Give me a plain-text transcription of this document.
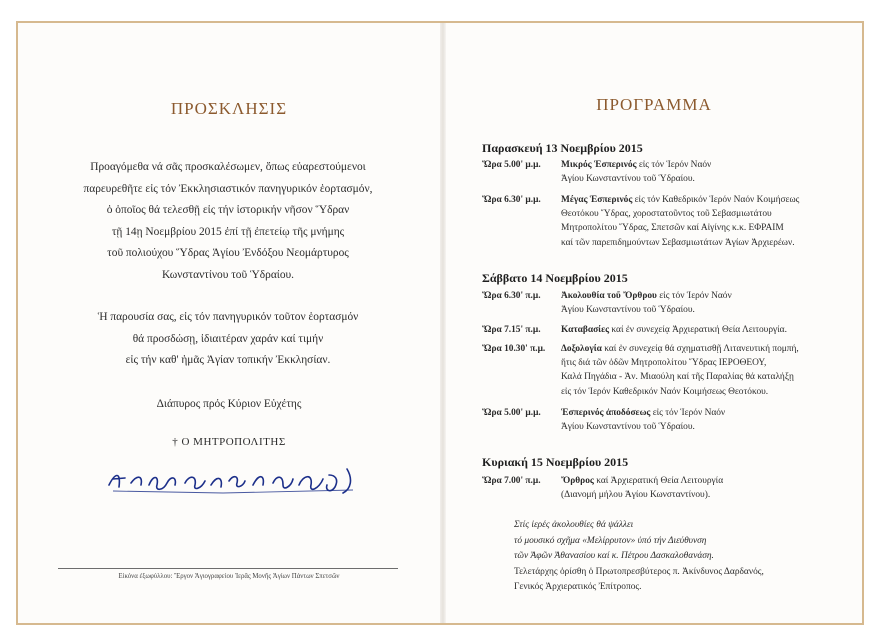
ΠΡΟΣΚΛΗΣΙΣ
Προαγόμεθα νά σᾶς προσκαλέσωμεν, ὅπως εὐαρεστούμενοι
παρευρεθῆτε εἰς τόν Ἐκκλησιαστικόν πανηγυρικόν ἑορτασμόν,
ὁ ὁποῖος θά τελεσθῇ εἰς τήν ἱστορικήν νῆσον Ὕδραν
τῇ 14ῃ Νοεμβρίου 2015 ἐπί τῇ ἐπετείῳ τῆς μνήμης
τοῦ πολιούχου Ὕδρας Ἁγίου Ἐνδόξου Νεομάρτυρος
Κωνσταντίνου τοῦ Ὑδραίου.
Ἡ παρουσία σας, εἰς τόν πανηγυρικόν τοῦτον ἑορτασμόν
θά προσδώσῃ, ἰδιαιτέραν χαράν καί τιμήν
εἰς τήν καθ' ἡμᾶς Ἁγίαν τοπικήν Ἐκκλησίαν.
Διάπυρος πρός Κύριον Εὐχέτης
† Ο ΜΗΤΡΟΠΟΛΙΤΗΣ
Εἰκόνα ἐξωφύλλου: Ἔργον Ἁγιογραφείου Ἱερᾶς Μονῆς Ἁγίων Πάντων Σπετσῶν
ΠΡΟΓΡΑΜΜΑ
Παρασκευή 13 Νοεμβρίου 2015
Ὥρα 5.00' μ.μ. Μικρός Ἑσπερινός εἰς τόν Ἱερόν Ναόν
Ἁγίου Κωνσταντίνου τοῦ Ὑδραίου.
Ὥρα 6.30' μ.μ. Μέγας Ἑσπερινός εἰς τόν Καθεδρικόν Ἱερόν Ναόν Κοιμήσεως
Θεοτόκου Ὕδρας, χοροστατοῦντος τοῦ Σεβασμιωτάτου
Μητροπολίτου Ὕδρας, Σπετσῶν καί Αἰγίνης κ.κ. ΕΦΡΑΙΜ
καί τῶν παρεπιδημούντων Σεβασμιωτάτων Ἁγίων Ἀρχιερέων.
Σάββατο 14 Νοεμβρίου 2015
Ὥρα 6.30' π.μ. Ἀκολουθία τοῦ Ὄρθρου εἰς τόν Ἱερόν Ναόν
Ἁγίου Κωνσταντίνου τοῦ Ὑδραίου.
Ὥρα 7.15' π.μ. Καταβασίες καί ἐν συνεχείᾳ Ἀρχιερατική Θεία Λειτουργία.
Ὥρα 10.30' π.μ. Δοξολογία καί ἐν συνεχείᾳ θά σχηματισθῇ Λιτανευτική πομπή,
ἥτις διά τῶν ὁδῶν Μητροπολίτου Ὕδρας ΙΕΡΟΘΕΟΥ,
Καλά Πηγάδια - Ἀν. Μιαούλη καί τῆς Παραλίας θά καταλήξῃ
εἰς τόν Ἱερόν Καθεδρικόν Ναόν Κοιμήσεως Θεοτόκου.
Ὥρα 5.00' μ.μ. Ἑσπερινός ἀποδόσεως εἰς τόν Ἱερόν Ναόν
Ἁγίου Κωνσταντίνου τοῦ Ὑδραίου.
Κυριακή 15 Νοεμβρίου 2015
Ὥρα 7.00' π.μ. Ὄρθρος καί Ἀρχιερατική Θεία Λειτουργία
(Διανομή μήλου Ἁγίου Κωνσταντίνου).
Στίς ἱερές ἀκολουθίες θά ψάλλει
τό μουσικό σχῆμα «Μελίρρυτον» ὑπό τήν Διεύθυνση
τῶν Ἀφῶν Ἀθανασίου καί κ. Πέτρου Δασκαλοθανάση.
Τελετάρχης ὁρίσθη ὁ Πρωτοπρεσβύτερος π. Ἀκίνδυνος Δαρδανός,
Γενικός Ἀρχιερατικός Ἐπίτροπος.
